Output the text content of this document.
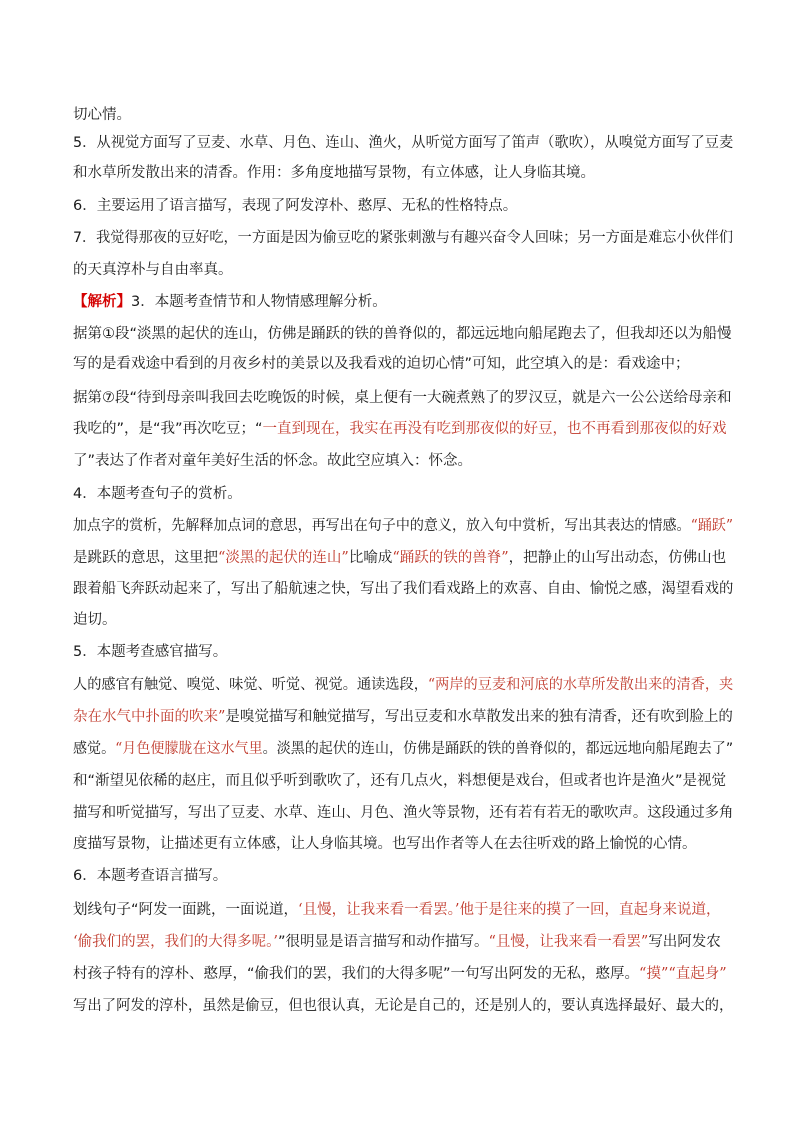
切心情。
5．从视觉方面写了豆麦、水草、月色、连山、渔火，从听觉方面写了笛声（歌吹），从嗅觉方面写了豆麦
和水草所发散出来的清香。作用：多角度地描写景物，有立体感，让人身临其境。
6．主要运用了语言描写，表现了阿发淳朴、憨厚、无私的性格特点。
7．我觉得那夜的豆好吃，一方面是因为偷豆吃的紧张刺激与有趣兴奋令人回味；另一方面是难忘小伙伴们
的天真淳朴与自由率真。
【解析】3．本题考查情节和人物情感理解分析。
据第①段“淡黑的起伏的连山，仿佛是踊跃的铁的兽脊似的，都远远地向船尾跑去了，但我却还以为船慢
写的是看戏途中看到的月夜乡村的美景以及我看戏的迫切心情”可知，此空填入的是：看戏途中；
据第⑦段“待到母亲叫我回去吃晚饭的时候，桌上便有一大碗煮熟了的罗汉豆，就是六一公公送给母亲和
我吃的”，是“我”再次吃豆；“一直到现在，我实在再没有吃到那夜似的好豆，也不再看到那夜似的好戏
了”表达了作者对童年美好生活的怀念。故此空应填入：怀念。
4．本题考查句子的赏析。
加点字的赏析，先解释加点词的意思，再写出在句子中的意义，放入句中赏析，写出其表达的情感。“踊跃”
是跳跃的意思，这里把“淡黑的起伏的连山”比喻成“踊跃的铁的兽脊”，把静止的山写出动态，仿佛山也
跟着船飞奔跃动起来了，写出了船航速之快，写出了我们看戏路上的欢喜、自由、愉悦之感，渴望看戏的
迫切。
5．本题考查感官描写。
人的感官有触觉、嗅觉、味觉、听觉、视觉。通读选段，“两岸的豆麦和河底的水草所发散出来的清香，夹
杂在水气中扑面的吹来”是嗅觉描写和触觉描写，写出豆麦和水草散发出来的独有清香，还有吹到脸上的
感觉。“月色便朦胧在这水气里。淡黑的起伏的连山，仿佛是踊跃的铁的兽脊似的，都远远地向船尾跑去了”
和“渐望见依稀的赵庄，而且似乎听到歌吹了，还有几点火，料想便是戏台，但或者也许是渔火”是视觉
描写和听觉描写，写出了豆麦、水草、连山、月色、渔火等景物，还有若有若无的歌吹声。这段通过多角
度描写景物，让描述更有立体感，让人身临其境。也写出作者等人在去往听戏的路上愉悦的心情。
6．本题考查语言描写。
划线句子“阿发一面跳，一面说道，‘且慢，让我来看一看罢。’他于是往来的摸了一回，直起身来说道，
‘偷我们的罢，我们的大得多呢。’”很明显是语言描写和动作描写。“且慢，让我来看一看罢”写出阿发农
村孩子特有的淳朴、憨厚，“偷我们的罢，我们的大得多呢”一句写出阿发的无私，憨厚。“摸”“直起身”
写出了阿发的淳朴，虽然是偷豆，但也很认真，无论是自己的，还是别人的，要认真选择最好、最大的，
